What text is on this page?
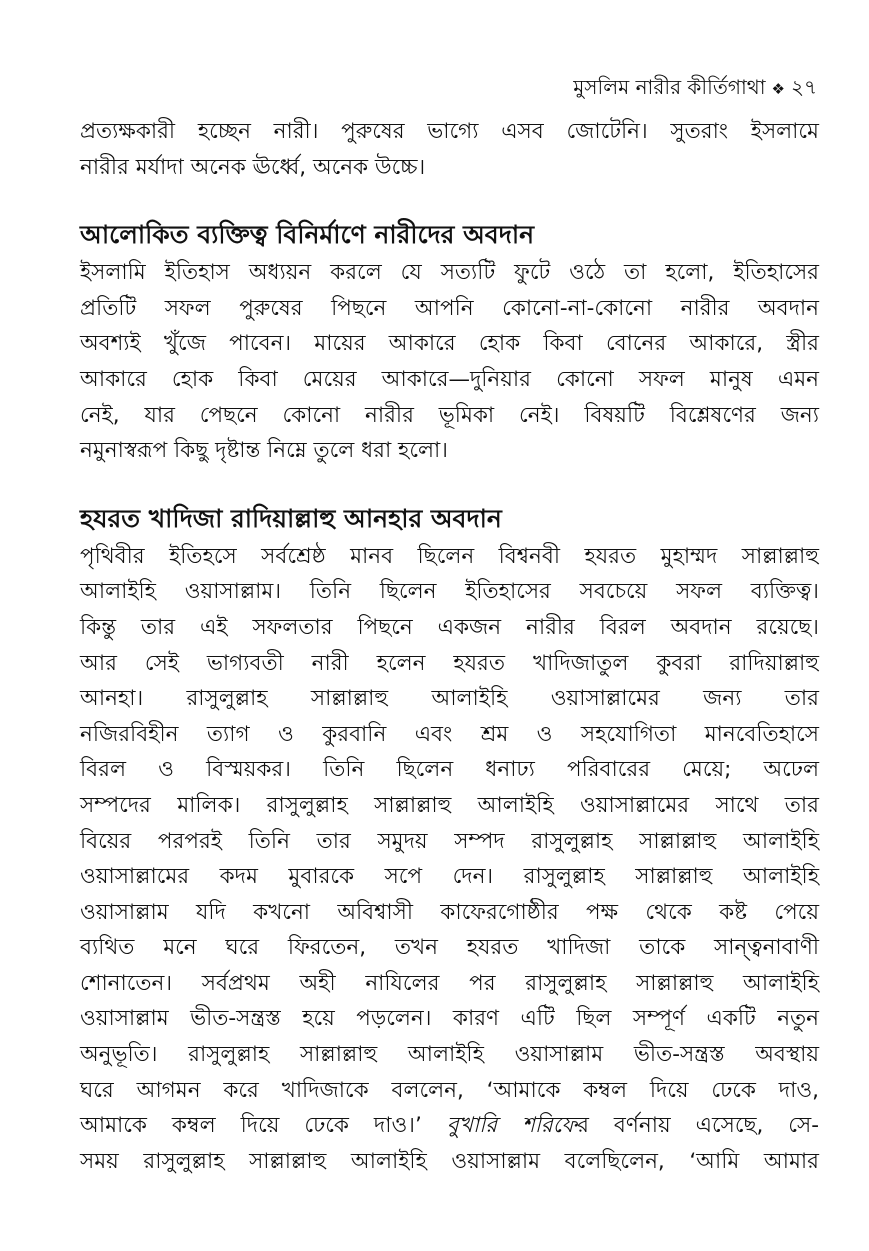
মুসলিম নারীর কীর্তিগাথা ❖ ২৭

প্রত্যক্ষকারী হচ্ছেন নারী। পুরুষের ভাগ্যে এসব জোটেনি। সুতরাং ইসলামে
নারীর মর্যাদা অনেক ঊর্ধ্বে, অনেক উচ্চে।

আলোকিত ব্যক্তিত্ব বিনির্মাণে নারীদের অবদান

ইসলামি ইতিহাস অধ্যয়ন করলে যে সত্যটি ফুটে ওঠে তা হলো, ইতিহাসের
প্রতিটি সফল পুরুষের পিছনে আপনি কোনো-না-কোনো নারীর অবদান
অবশ্যই খুঁজে পাবেন। মায়ের আকারে হোক কিবা বোনের আকারে, স্ত্রীর
আকারে হোক কিবা মেয়ের আকারে—দুনিয়ার কোনো সফল মানুষ এমন
নেই, যার পেছনে কোনো নারীর ভূমিকা নেই। বিষয়টি বিশ্লেষণের জন্য
নমুনাস্বরূপ কিছু দৃষ্টান্ত নিম্নে তুলে ধরা হলো।

হযরত খাদিজা রাদিয়াল্লাহু আনহার অবদান

পৃথিবীর ইতিহসে সর্বশ্রেষ্ঠ মানব ছিলেন বিশ্বনবী হযরত মুহাম্মদ সাল্লাল্লাহু
আলাইহি ওয়াসাল্লাম। তিনি ছিলেন ইতিহাসের সবচেয়ে সফল ব্যক্তিত্ব।
কিন্তু তার এই সফলতার পিছনে একজন নারীর বিরল অবদান রয়েছে।
আর সেই ভাগ্যবতী নারী হলেন হযরত খাদিজাতুল কুবরা রাদিয়াল্লাহু
আনহা। রাসুলুল্লাহ সাল্লাল্লাহু আলাইহি ওয়াসাল্লামের জন্য তার
নজিরবিহীন ত্যাগ ও কুরবানি এবং শ্রম ও সহযোগিতা মানবেতিহাসে
বিরল ও বিস্ময়কর। তিনি ছিলেন ধনাঢ্য পরিবারের মেয়ে; অঢেল
সম্পদের মালিক। রাসুলুল্লাহ সাল্লাল্লাহু আলাইহি ওয়াসাল্লামের সাথে তার
বিয়ের পরপরই তিনি তার সমুদয় সম্পদ রাসুলুল্লাহ সাল্লাল্লাহু আলাইহি
ওয়াসাল্লামের কদম মুবারকে সপে দেন। রাসুলুল্লাহ সাল্লাল্লাহু আলাইহি
ওয়াসাল্লাম যদি কখনো অবিশ্বাসী কাফেরগোষ্ঠীর পক্ষ থেকে কষ্ট পেয়ে
ব্যথিত মনে ঘরে ফিরতেন, তখন হযরত খাদিজা তাকে সান্ত্বনাবাণী
শোনাতেন। সর্বপ্রথম অহী নাযিলের পর রাসুলুল্লাহ সাল্লাল্লাহু আলাইহি
ওয়াসাল্লাম ভীত-সন্ত্রস্ত হয়ে পড়লেন। কারণ এটি ছিল সম্পূর্ণ একটি নতুন
অনুভূতি। রাসুলুল্লাহ সাল্লাল্লাহু আলাইহি ওয়াসাল্লাম ভীত-সন্ত্রস্ত অবস্থায়
ঘরে আগমন করে খাদিজাকে বললেন, ‘আমাকে কম্বল দিয়ে ঢেকে দাও,
আমাকে কম্বল দিয়ে ঢেকে দাও।’ বুখারি শরিফের বর্ণনায় এসেছে, সে-
সময় রাসুলুল্লাহ সাল্লাল্লাহু আলাইহি ওয়াসাল্লাম বলেছিলেন, ‘আমি আমার
